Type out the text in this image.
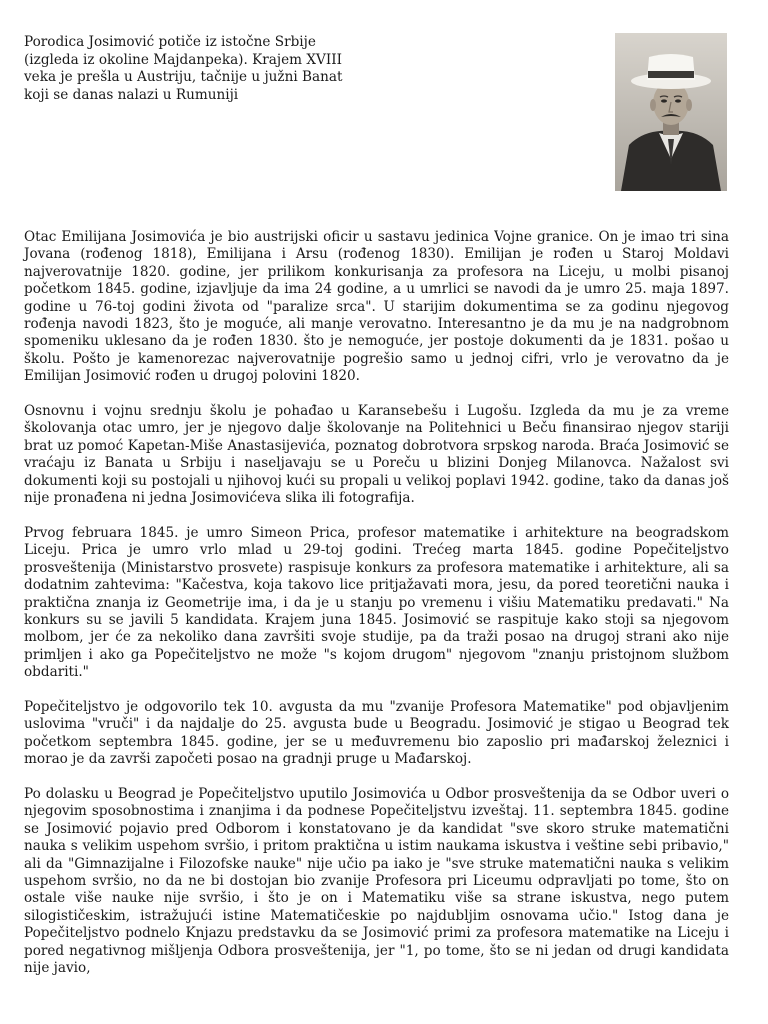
Porodica Josimović potiče iz istočne Srbije

(izgleda iz okoline Majdanpeka). Krajem XVIII

veka je prešla u Austriju, tačnije u južni Banat

koji se danas nalazi u Rumuniji

Otac Emilijana Josimovića je bio austrijski oficir u sastavu jedinica Vojne granice. On je imao tri sina Jovana (rođenog 1818), Emilijana i Arsu (rođenog 1830). Emilijan je rođen u Staroj Moldavi najverovatnije 1820. godine, jer prilikom konkurisanja za profesora na Liceju, u molbi pisanoj početkom 1845. godine, izjavljuje da ima 24 godine, a u umrlici se navodi da je umro 25. maja 1897. godine u 76-toj godini života od "paralize srca". U starijim dokumentima se za godinu njegovog rođenja navodi 1823, što je moguće, ali manje verovatno. Interesantno je da mu je na nadgrobnom spomeniku uklesano da je rođen 1830. što je nemoguće, jer postoje dokumenti da je 1831. pošao u školu. Pošto je kamenorezac najverovatnije pogrešio samo u jednoj cifri, vrlo je verovatno da je Emilijan Josimović rođen u drugoj polovini 1820.

Osnovnu i vojnu srednju školu je pohađao u Karansebešu i Lugošu. Izgleda da mu je za vreme školovanja otac umro, jer je njegovo dalje školovanje na Politehnici u Beču finansirao njegov stariji brat uz pomoć Kapetan-Miše Anastasijevića, poznatog dobrotvora srpskog naroda. Braća Josimović se vraćaju iz Banata u Srbiju i naseljavaju se u Poreču u blizini Donjeg Milanovca. Nažalost svi dokumenti koji su postojali u njihovoj kući su propali u velikoj poplavi 1942. godine, tako da danas još nije pronađena ni jedna Josimovićeva slika ili fotografija.

Prvog februara 1845. je umro Simeon Prica, profesor matematike i arhitekture na beogradskom Liceju. Prica je umro vrlo mlad u 29-toj godini. Trećeg marta 1845. godine Popečiteljstvo prosveštenija (Ministarstvo prosvete) raspisuje konkurs za profesora matematike i arhitekture, ali sa dodatnim zahtevima: "Kačestva, koja takovo lice pritjažavati mora, jesu, da pored teoretični nauka i praktična znanja iz Geometrije ima, i da je u stanju po vremenu i višiu Matematiku predavati." Na konkurs su se javili 5 kandidata. Krajem juna 1845. Josimović se raspituje kako stoji sa njegovom molbom, jer će za nekoliko dana završiti svoje studije, pa da traži posao na drugoj strani ako nije primljen i ako ga Popečiteljstvo ne može "s kojom drugom" njegovom "znanju pristojnom službom obdariti."

Popečiteljstvo je odgovorilo tek 10. avgusta da mu "zvanije Profesora Matematike" pod objavljenim uslovima "vruči" i da najdalje do 25. avgusta bude u Beogradu. Josimović je stigao u Beograd tek početkom septembra 1845. godine, jer se u međuvremenu bio zaposlio pri mađarskoj železnici i morao je da završi započeti posao na gradnji pruge u Mađarskoj.

Po dolasku u Beograd je Popečiteljstvo uputilo Josimovića u Odbor prosveštenija da se Odbor uveri o njegovim sposobnostima i znanjima i da podnese Popečiteljstvu izveštaj. 11. septembra 1845. godine se Josimović pojavio pred Odborom i konstatovano je da kandidat "sve skoro struke matematični nauka s velikim uspehom svršio, i pritom praktična u istim naukama iskustva i veštine sebi pribavio," ali da "Gimnazijalne i Filozofske nauke" nije učio pa iako je "sve struke matematični nauka s velikim uspehom svršio, no da ne bi dostojan bio zvanije Profesora pri Liceumu odpravljati po tome, što on ostale više nauke nije svršio, i što je on i Matematiku više sa strane iskustva, nego putem silogističeskim, istražujući istine Matematičeskie po najdubljim osnovama učio." Istog dana je Popečiteljstvo podnelo Knjazu predstavku da se Josimović primi za profesora matematike na Liceju i pored negativnog mišljenja Odbora prosveštenija, jer "1, po tome, što se ni jedan od drugi kandidata nije javio,
